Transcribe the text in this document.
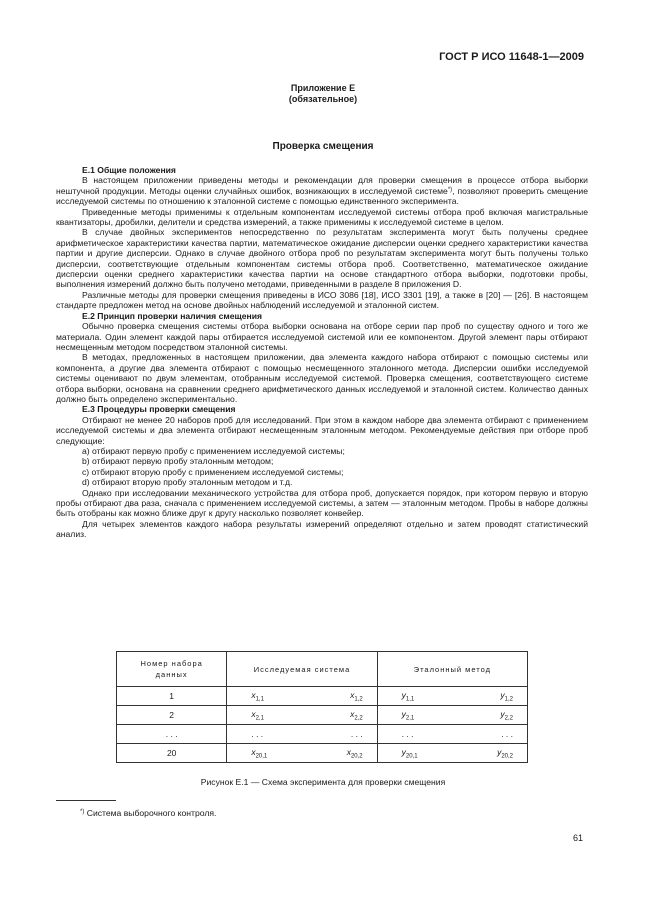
ГОСТ Р ИСО 11648-1—2009
Приложение Е
(обязательное)
Проверка смещения
Е.1 Общие положения

В настоящем приложении приведены методы и рекомендации для проверки смещения в процессе отбора выборки нештучной продукции. Методы оценки случайных ошибок, возникающих в исследуемой системе*), позволяют проверить смещение исследуемой системы по отношению к эталонной системе с помощью единственного эксперимента.

Приведенные методы применимы к отдельным компонентам исследуемой системы отбора проб включая магистральные квантизаторы, дробилки, делители и средства измерений, а также применимы к исследуемой системе в целом.

В случае двойных экспериментов непосредственно по результатам эксперимента могут быть получены среднее арифметическое характеристики качества партии, математическое ожидание дисперсии оценки среднего характеристики качества партии и другие дисперсии. Однако в случае двойного отбора проб по результатам эксперимента могут быть получены только дисперсии, соответствующие отдельным компонентам системы отбора проб. Соответственно, математическое ожидание дисперсии оценки среднего характеристики качества партии на основе стандартного отбора выборки, подготовки пробы, выполнения измерений должно быть получено методами, приведенными в разделе 8 приложения D.

Различные методы для проверки смещения приведены в ИСО 3086 [18], ИСО 3301 [19], а также в [20] — [26]. В настоящем стандарте предложен метод на основе двойных наблюдений исследуемой и эталонной систем.

Е.2 Принцип проверки наличия смещения

Обычно проверка смещения системы отбора выборки основана на отборе серии пар проб по существу одного и того же материала. Один элемент каждой пары отбирается исследуемой системой или ее компонентом. Другой элемент пары отбирают несмещенным методом посредством эталонной системы.

В методах, предложенных в настоящем приложении, два элемента каждого набора отбирают с помощью системы или компонента, а другие два элемента отбирают с помощью несмещенного эталонного метода. Дисперсии ошибки исследуемой системы оценивают по двум элементам, отобранным исследуемой системой. Проверка смещения, соответствующего системе отбора выборки, основана на сравнении среднего арифметического данных исследуемой и эталонной систем. Количество данных должно быть определено экспериментально.

Е.3 Процедуры проверки смещения

Отбирают не менее 20 наборов проб для исследований. При этом в каждом наборе два элемента отбирают с применением исследуемой системы и два элемента отбирают несмещенным эталонным методом. Рекомендуемые действия при отборе проб следующие:

a) отбирают первую пробу с применением исследуемой системы;
b) отбирают первую пробу эталонным методом;
c) отбирают вторую пробу с применением исследуемой системы;
d) отбирают вторую пробу эталонным методом и т.д.

Однако при исследовании механического устройства для отбора проб, допускается порядок, при котором первую и вторую пробы отбирают два раза, сначала с применением исследуемой системы, а затем — эталонным методом. Пробы в наборе должны быть отобраны как можно ближе друг к другу насколько позволяет конвейер.

Для четырех элементов каждого набора результаты измерений определяют отдельно и затем проводят статистический анализ.

Номер набора
данных	Исследуемая система	Эталонный метод
1	$x_{1,1}$ $x_{1,2}$	$y_{1,1}$ $y_{1,2}$

2	$x_{2,1}$ $x_{2,2}$	$y_{2,1}$ $y_{2,2}$

. . .	. . . . . .	. . . . . .

20	$x_{20,1}$ $x_{20,2}$	$y_{20,1}$ $y_{20,2}$
Рисунок Е.1 — Схема эксперимента для проверки смещения
*) Система выборочного контроля.
61
